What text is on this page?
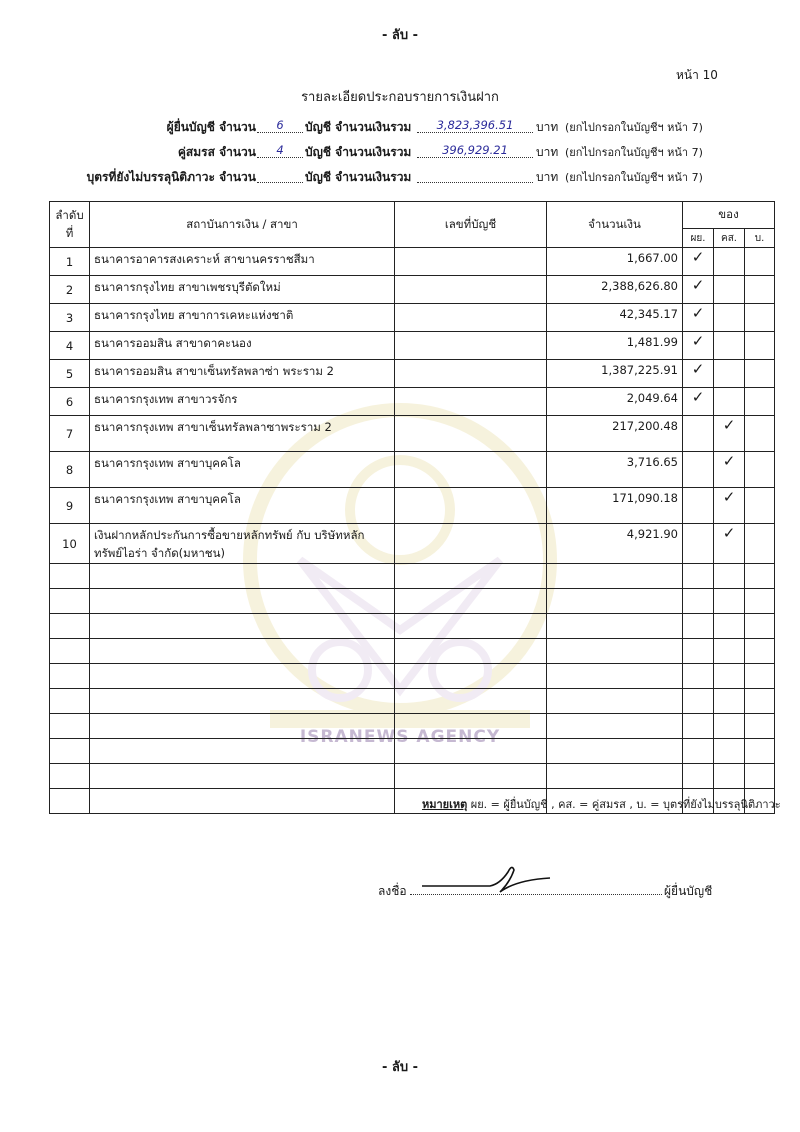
- ลับ -
หน้า 10
รายละเอียดประกอบรายการเงินฝาก
ผู้ยื่นบัญชี จำนวน	6	บัญชี จำนวนเงินรวม	3,823,396.51	บาท (ยกไปกรอกในบัญชีฯ หน้า 7)
คู่สมรส จำนวน	4	บัญชี จำนวนเงินรวม	396,929.21	บาท (ยกไปกรอกในบัญชีฯ หน้า 7)
บุตรที่ยังไม่บรรลุนิติภาวะ จำนวน	บัญชี จำนวนเงินรวม	บาท (ยกไปกรอกในบัญชีฯ หน้า 7)
ISRANEWS AGENCY
ลำดับ ที่	สถาบันการเงิน / สาขา	เลขที่บัญชี	จำนวนเงิน	ของ		
				ผย.	คส.	บ.
1	ธนาคารอาคารสงเคราะห์ สาขานครราชสีมา		1,667.00	✓		
2	ธนาคารกรุงไทย สาขาเพชรบุรีตัดใหม่		2,388,626.80	✓		
3	ธนาคารกรุงไทย สาขาการเคหะแห่งชาติ		42,345.17	✓		
4	ธนาคารออมสิน สาขาดาคะนอง		1,481.99	✓		
5	ธนาคารออมสิน สาขาเซ็นทรัลพลาซ่า พระราม 2		1,387,225.91	✓		
6	ธนาคารกรุงเทพ สาขาวรจักร		2,049.64	✓		
7	ธนาคารกรุงเทพ สาขาเซ็นทรัลพลาซาพระราม 2		217,200.48		✓	
8	ธนาคารกรุงเทพ สาขาบุคคโล		3,716.65		✓	
9	ธนาคารกรุงเทพ สาขาบุคคโล		171,090.18		✓	
10	เงินฝากหลักประกันการซื้อขายหลักทรัพย์ กับ บริษัทหลักทรัพย์ไอร่า จำกัด(มหาชน)		4,921.90		✓	

หมายเหตุ ผย. = ผู้ยื่นบัญชี , คส. = คู่สมรส , บ. = บุตรที่ยังไม่บรรลุนิติภาวะ
ลงชื่อ	ผู้ยื่นบัญชี
- ลับ -
